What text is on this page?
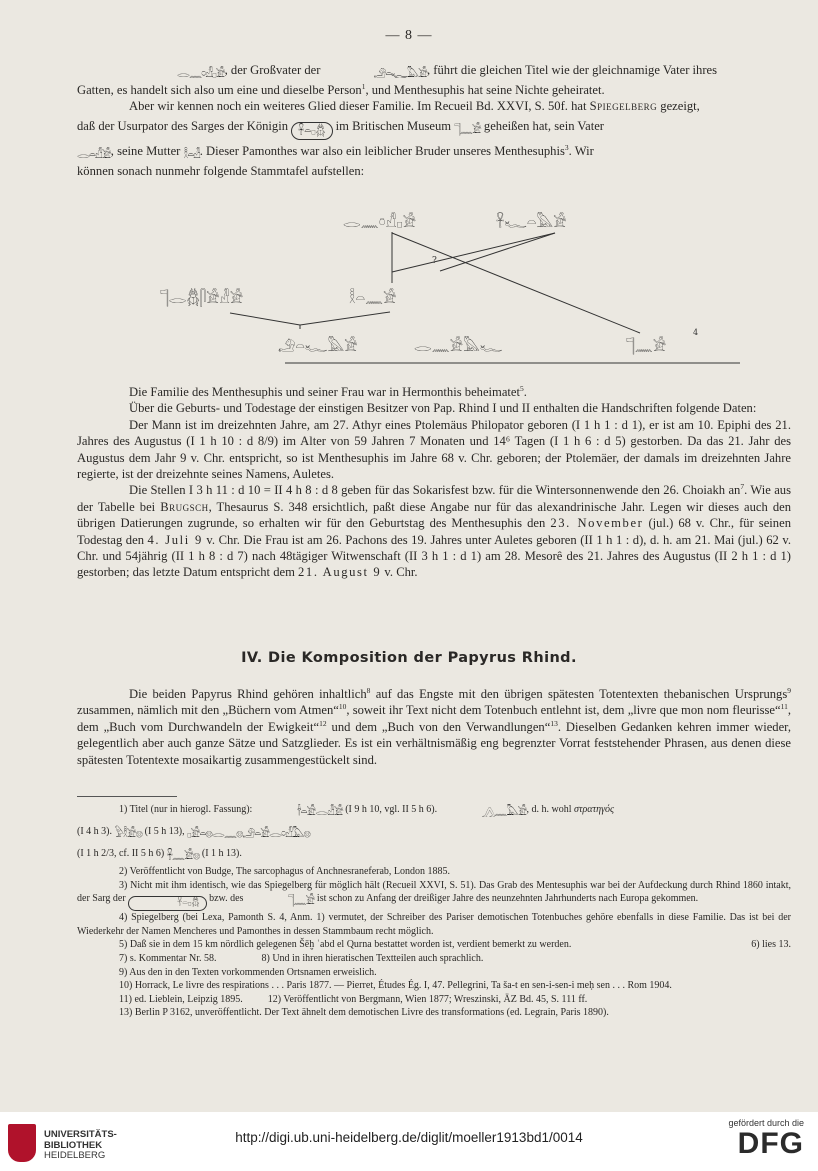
— 8 —

𓂋𓈖𓏌𓀭𓊪𓀀, der Großvater der	𓄂𓏏𓆑𓅓𓀀, führt die gleichen Titel wie der gleichnamige Vater ihres

Gatten, es handelt sich also um eine und dieselbe Person$^1$, und Menthesuphis hat seine Nichte geheiratet.

Aber wir kennen noch ein weiteres Glied dieser Familie. Im Recueil Bd. XXVI, S. 50f. hat Spiegelberg gezeigt,

daß der Usurpator des Sarges der Königin 𓋹𓏏𓊪𓆣 im Britischen Museum 𓊹𓈖𓀀 geheißen hat, sein Vater

𓂋𓏏𓀭𓀀, seine Mutter 𓎛𓏏𓁐. Dieser Pamonthes war also ein leiblicher Bruder unseres Menthesuphis$^3$. Wir

können sonach nunmehr folgende Stammtafel aufstellen:

𓂋𓈖𓏌𓀭𓊪𓀀	𓋹𓆑𓏏𓅓𓀀
?
𓊹𓂋𓆣𓋴𓀀𓁐𓀀	𓎛𓏏𓈖𓀀
𓄂𓏏𓆑𓅓𓀀	𓂋𓈖𓀀𓅓𓆑	𓊹𓈖𓀀
4

Die Familie des Menthesuphis und seiner Frau war in Hermonthis beheimatet$^5$.

Über die Geburts- und Todestage der einstigen Besitzer von Pap. Rhind I und II enthalten die Handschriften folgende Daten:

Der Mann ist im dreizehnten Jahre, am 27. Athyr eines Ptolemäus Philopator geboren (I 1 h 1 : d 1), er ist am 10. Epiphi des 21. Jahres des Augustus (I 1 h 10 : d 8/9) im Alter von 59 Jahren 7 Monaten und 14⁶ Tagen (I 1 h 6 : d 5) gestorben. Da das 21. Jahr des Augustus dem Jahr 9 v. Chr. entspricht, so ist Menthesuphis im Jahre 68 v. Chr. geboren; der Ptolemäer, der damals im dreizehnten Jahre regierte, ist der dreizehnte seines Namens, Auletes.

Die Stellen I 3 h 11 : d 10 = II 4 h 8 : d 8 geben für das Sokarisfest bzw. für die Wintersonnenwende den 26. Choiakh $an^7$. Wie aus der Tabelle bei Brugsch, Thesaurus S. 348 ersichtlich, paßt diese Angabe nur für das alexandrinische Jahr. Legen wir dieses auch den übrigen Datierungen zugrunde, so erhalten wir für den Geburtstag des Menthesuphis den 23. November (jul.) 68 v. Chr., für seinen Todestag den 4. Juli 9 v. Chr. Die Frau ist am 26. Pachons des 19. Jahres unter Auletes geboren (II 1 h 1 : d), d. h. am 21. Mai (jul.) 62 v. Chr. und 54jährig (II 1 h 8 : d 7) nach 48tägiger Witwenschaft (II 3 h 1 : d 1) am 28. Mesorê des 21. Jahres des Augustus (II 2 h 1 : d 1) gestorben; das letzte Datum entspricht dem 21. August 9 v. Chr.

IV. Die Komposition der Papyrus Rhind.

Die beiden Papyrus Rhind gehören inhaltlich$^8$ auf das Engste mit den übrigen spätesten Totentexten thebanischen Ursprungs$^9$ zusammen, nämlich mit den „Büchern vom Atmen“$^{10}$, soweit ihr Text nicht dem Totenbuch entlehnt ist, dem „livre que mon nom fleurisse“$^{11}$, dem „Buch vom Durchwandeln der Ewigkeit“$^{12}$ und dem „Buch von den Verwandlungen“$^{13}$. Dieselben Gedanken kehren immer wieder, gelegentlich aber auch ganze Sätze und Satzglieder. Es ist ein verhältnismäßig eng begrenzter Vorrat feststehender Phrasen, aus denen diese spätesten Totentexte mosaikartig zusammengestückelt sind.

1) Titel (nur in hierogl. Fassung):	𓌂𓏏𓀀𓂋𓁐𓀀 (I 9 h 10, vgl. II 5 h 6).	𓂻𓈖𓅓𓀀, d. h. wohl στρατηγός

(I 4 h 3). 𓅱𓎛𓀀𓊖 (I 5 h 13), 𓊪𓀀𓏏𓊖𓂋𓈖𓊖𓄂𓏏𓀀𓂋𓏌𓀭𓅓𓊖

(I 1 h 2/3, cf. II 5 h 6) 𓋹𓈖𓀀𓊖 (I 1 h 13).

2) Veröffentlicht von Budge, The sarcophagus of Anchnesraneferab, London 1885.

3) Nicht mit ihm identisch, wie das Spiegelberg für möglich hält (Recueil XXVI, S. 51). Das Grab des Mentesuphis war bei der Aufdeckung durch Rhind 1860 intakt, der Sarg der	𓋹𓏏𓊪𓆣 bzw. des	𓊹𓈖𓀀 ist schon zu Anfang der dreißiger Jahre des neunzehnten Jahrhunderts nach Europa gekommen.

4) Spiegelberg (bei Lexa, Pamonth S. 4, Anm. 1) vermutet, der Schreiber des Pariser demotischen Totenbuches gehöre ebenfalls in diese Familie. Das ist bei der Wiederkehr der Namen Mencheres und Pamonthes in dessen Stammbaum recht möglich.

5) Daß sie in dem 15 km nördlich gelegenen Šēḫ ʿabd el Qurna bestattet worden ist, verdient bemerkt zu werden.	6) lies 13.

7) s. Kommentar Nr. 58.	8) Und in ihren hieratischen Textteilen auch sprachlich.

9) Aus den in den Texten vorkommenden Ortsnamen erweislich.

10) Horrack, Le livre des respirations . . . Paris 1877. — Pierret, Études Ég. I, 47. Pellegrini, Ta ša-t en sen-i-sen-i meḥ sen . . . Rom 1904.

11) ed. Lieblein, Leipzig 1895.	12) Veröffentlicht von Bergmann, Wien 1877; Wreszinski, ÄZ Bd. 45, S. 111 ff.

13) Berlin P 3162, unveröffentlicht. Der Text ähnelt dem demotischen Livre des transformations (ed. Legrain, Paris 1890).

UNIVERSITÄTS-
BIBLIOTHEK
HEIDELBERG
http://digi.ub.uni-heidelberg.de/diglit/moeller1913bd1/0014
gefördert durch die
DFG
